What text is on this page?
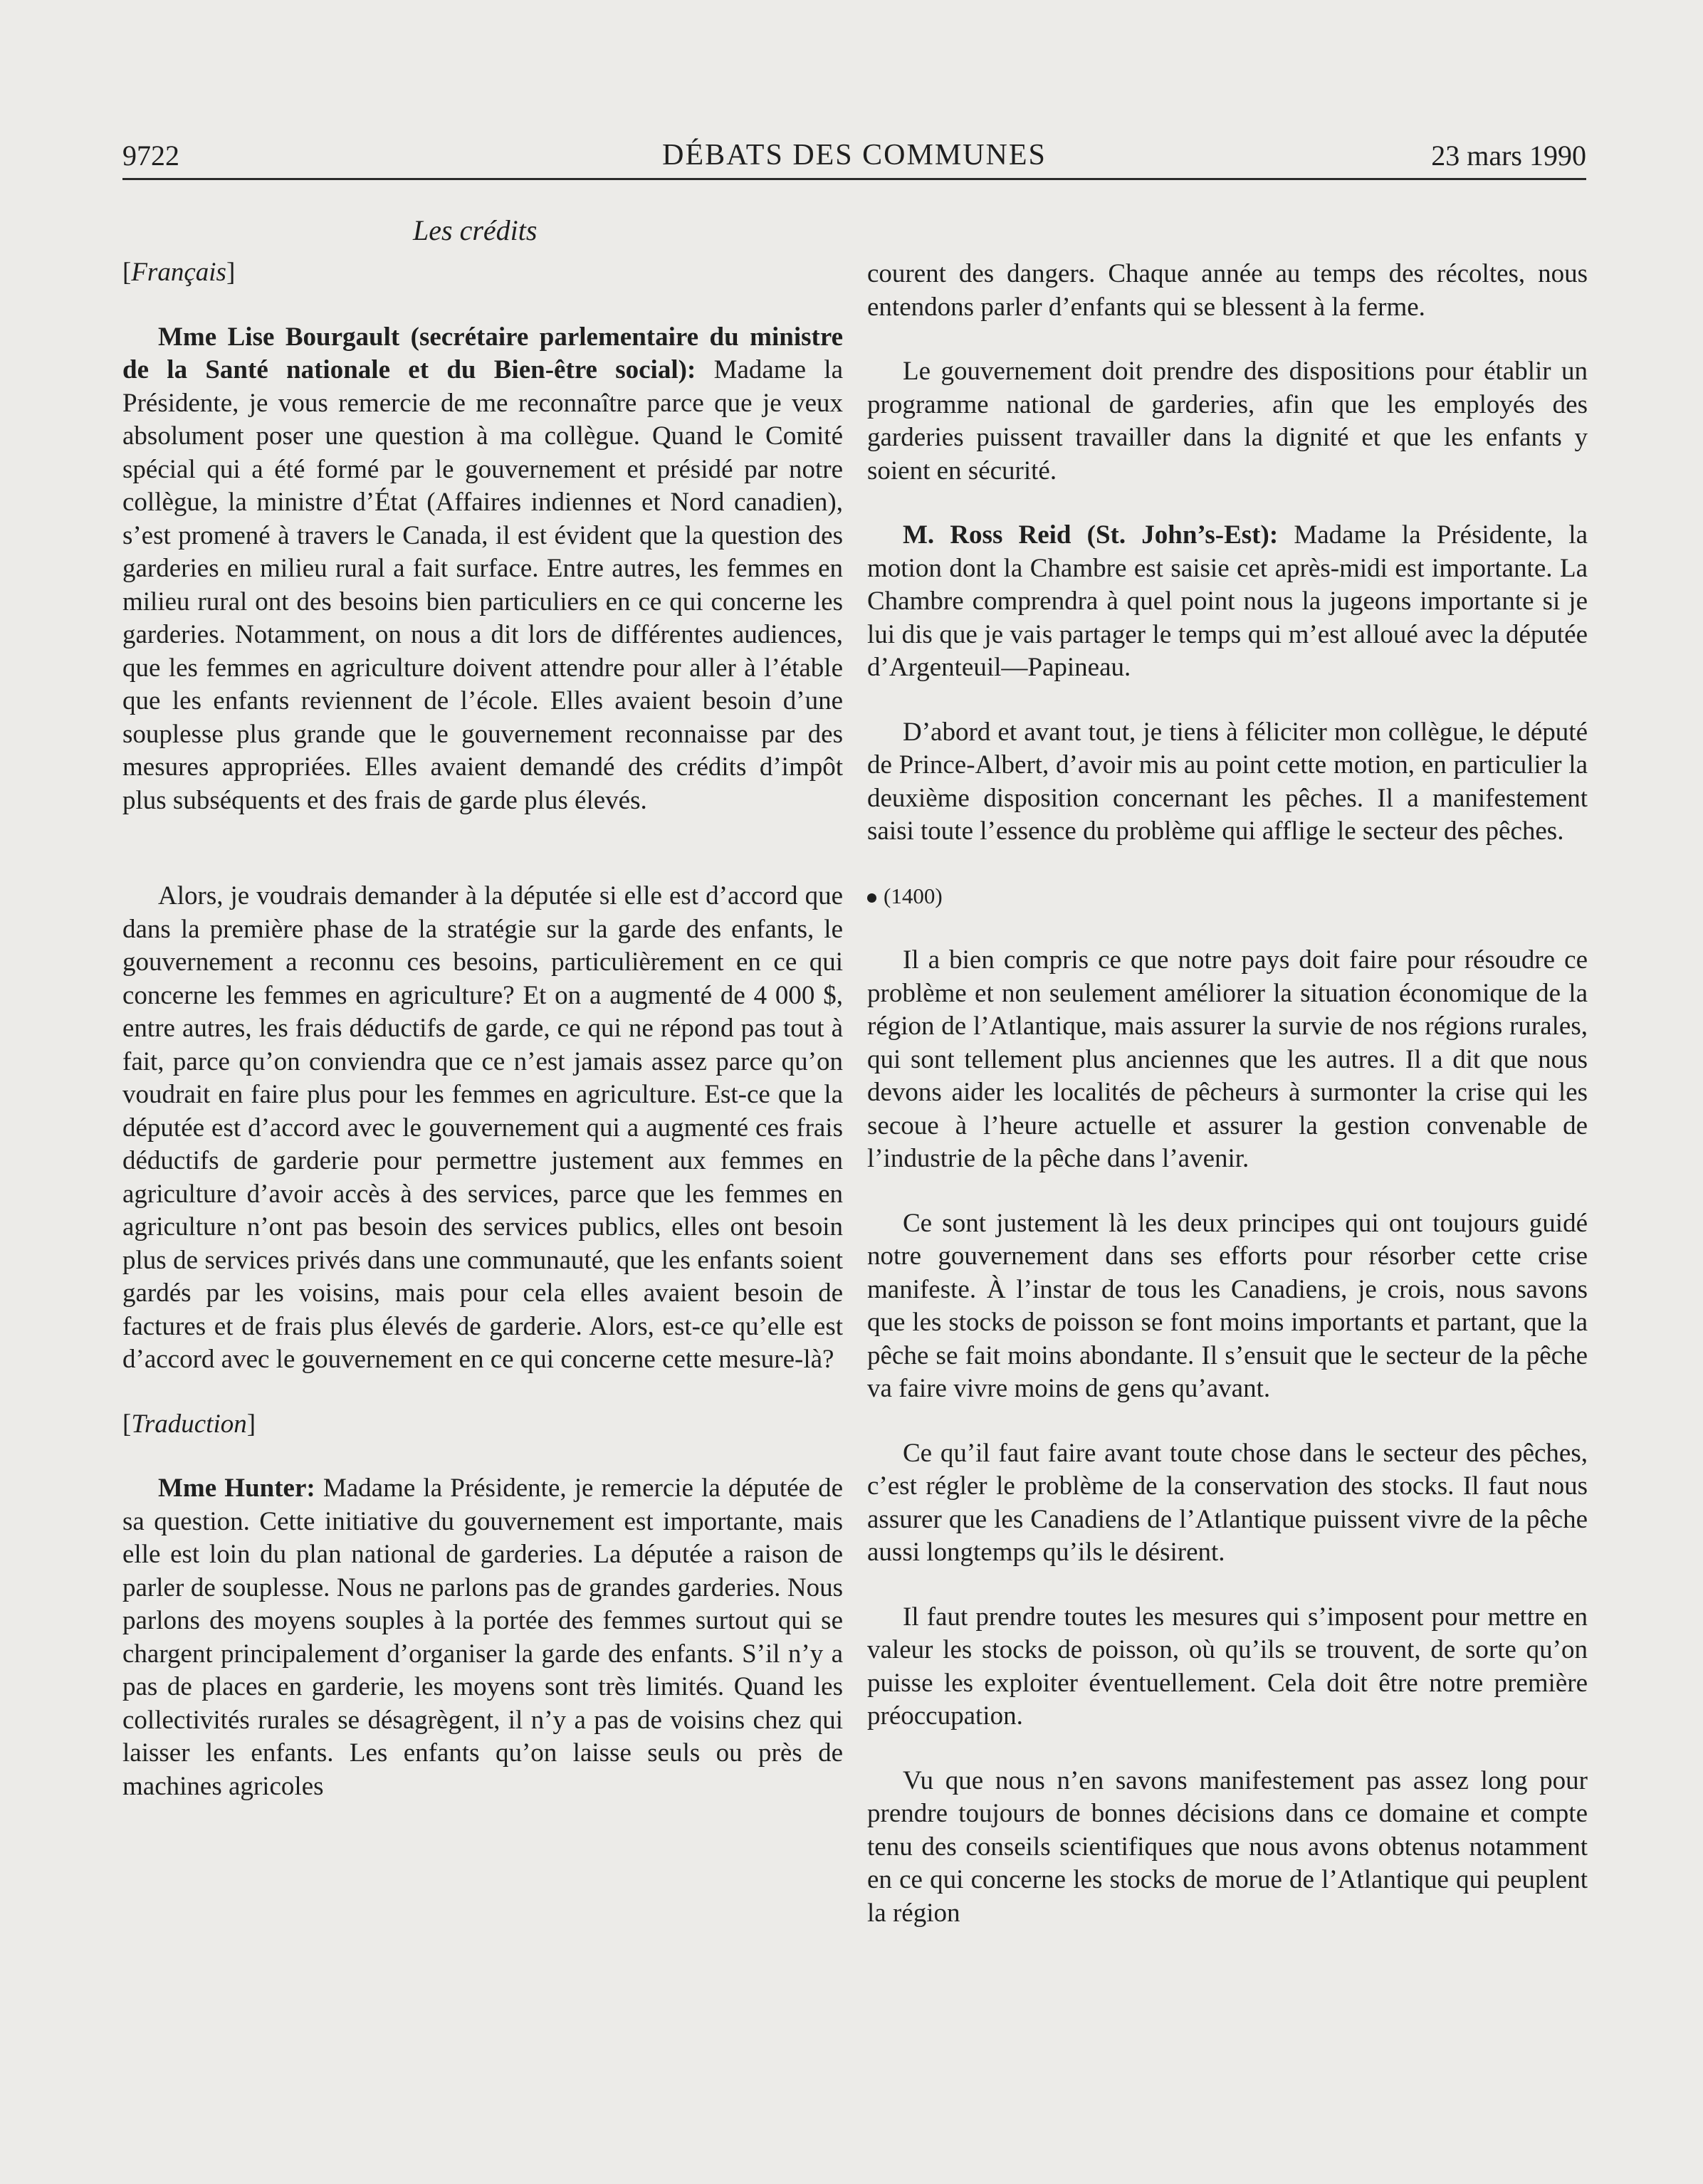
9722	DÉBATS DES COMMUNES	23 mars 1990
Les crédits

[Français]

Mme Lise Bourgault (secrétaire parlementaire du ministre de la Santé nationale et du Bien-être social): Madame la Présidente, je vous remercie de me reconnaître parce que je veux absolument poser une question à ma collègue. Quand le Comité spécial qui a été formé par le gouvernement et présidé par notre collègue, la ministre d’État (Affaires indiennes et Nord canadien), s’est promené à travers le Canada, il est évident que la question des garderies en milieu rural a fait surface. Entre autres, les femmes en milieu rural ont des besoins bien particuliers en ce qui concerne les garderies. Notamment, on nous a dit lors de différentes audiences, que les femmes en agriculture doivent attendre pour aller à l’étable que les enfants reviennent de l’école. Elles avaient besoin d’une souplesse plus grande que le gouvernement reconnaisse par des mesures appropriées. Elles avaient demandé des crédits d’impôt plus subséquents et des frais de garde plus élevés.

Alors, je voudrais demander à la députée si elle est d’accord que dans la première phase de la stratégie sur la garde des enfants, le gouvernement a reconnu ces besoins, particulièrement en ce qui concerne les femmes en agriculture? Et on a augmenté de 4 000 $, entre autres, les frais déductifs de garde, ce qui ne répond pas tout à fait, parce qu’on conviendra que ce n’est jamais assez parce qu’on voudrait en faire plus pour les femmes en agriculture. Est-ce que la députée est d’accord avec le gouvernement qui a augmenté ces frais déductifs de garderie pour permettre justement aux femmes en agriculture d’avoir accès à des services, parce que les femmes en agriculture n’ont pas besoin des services publics, elles ont besoin plus de services privés dans une communauté, que les enfants soient gardés par les voisins, mais pour cela elles avaient besoin de factures et de frais plus élevés de garderie. Alors, est-ce qu’elle est d’accord avec le gouvernement en ce qui concerne cette mesure-là?

[Traduction]

Mme Hunter: Madame la Présidente, je remercie la députée de sa question. Cette initiative du gouvernement est importante, mais elle est loin du plan national de garderies. La députée a raison de parler de souplesse. Nous ne parlons pas de grandes garderies. Nous parlons des moyens souples à la portée des femmes surtout qui se chargent principalement d’organiser la garde des enfants. S’il n’y a pas de places en garderie, les moyens sont très limités. Quand les collectivités rurales se désagrègent, il n’y a pas de voisins chez qui laisser les enfants. Les enfants qu’on laisse seuls ou près de machines agricoles

courent des dangers. Chaque année au temps des récoltes, nous entendons parler d’enfants qui se blessent à la ferme.

Le gouvernement doit prendre des dispositions pour établir un programme national de garderies, afin que les employés des garderies puissent travailler dans la dignité et que les enfants y soient en sécurité.

M. Ross Reid (St. John’s-Est): Madame la Présidente, la motion dont la Chambre est saisie cet après-midi est importante. La Chambre comprendra à quel point nous la jugeons importante si je lui dis que je vais partager le temps qui m’est alloué avec la députée d’Argenteuil—Papineau.

D’abord et avant tout, je tiens à féliciter mon collègue, le député de Prince-Albert, d’avoir mis au point cette motion, en particulier la deuxième disposition concernant les pêches. Il a manifestement saisi toute l’essence du problème qui afflige le secteur des pêches.

(1400)

Il a bien compris ce que notre pays doit faire pour résoudre ce problème et non seulement améliorer la situation économique de la région de l’Atlantique, mais assurer la survie de nos régions rurales, qui sont tellement plus anciennes que les autres. Il a dit que nous devons aider les localités de pêcheurs à surmonter la crise qui les secoue à l’heure actuelle et assurer la gestion convenable de l’industrie de la pêche dans l’avenir.

Ce sont justement là les deux principes qui ont toujours guidé notre gouvernement dans ses efforts pour résorber cette crise manifeste. À l’instar de tous les Canadiens, je crois, nous savons que les stocks de poisson se font moins importants et partant, que la pêche se fait moins abondante. Il s’ensuit que le secteur de la pêche va faire vivre moins de gens qu’avant.

Ce qu’il faut faire avant toute chose dans le secteur des pêches, c’est régler le problème de la conservation des stocks. Il faut nous assurer que les Canadiens de l’Atlantique puissent vivre de la pêche aussi longtemps qu’ils le désirent.

Il faut prendre toutes les mesures qui s’imposent pour mettre en valeur les stocks de poisson, où qu’ils se trouvent, de sorte qu’on puisse les exploiter éventuellement. Cela doit être notre première préoccupation.

Vu que nous n’en savons manifestement pas assez long pour prendre toujours de bonnes décisions dans ce domaine et compte tenu des conseils scientifiques que nous avons obtenus notamment en ce qui concerne les stocks de morue de l’Atlantique qui peuplent la région
